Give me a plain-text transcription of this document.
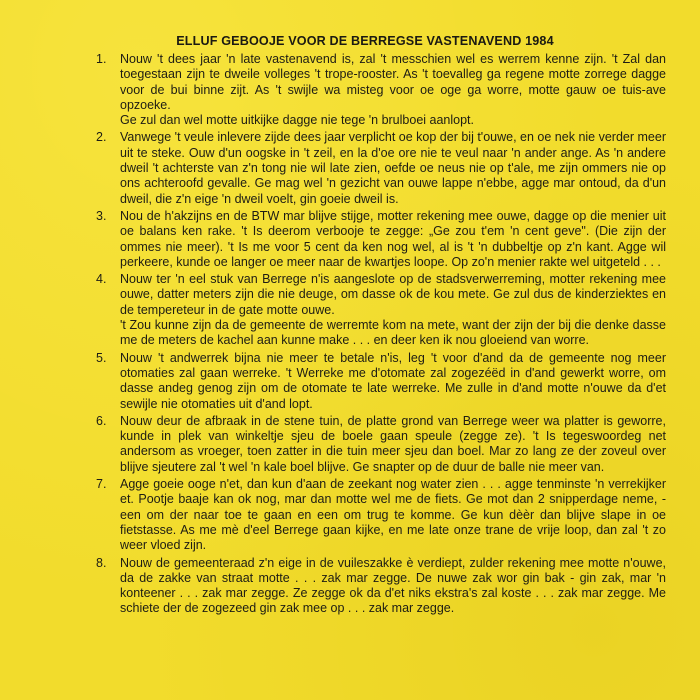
ELLUF GEBOOJE VOOR DE BERREGSE VASTENAVEND 1984
1.	Nouw 't dees jaar 'n late vastenavend is, zal 't messchien wel es werrem kenne zijn. 't Zal dan toegestaan zijn te dweile volleges 't trope-rooster. As 't toevalleg ga regene motte zorrege dagge voor de bui binne zijt. As 't swijle wa misteg voor oe oge ga worre, motte gauw oe tuis-ave opzoeke.

Ge zul dan wel motte uitkijke dagge nie tege 'n brulboei aanlopt.

2.	Vanwege 't veule inlevere zijde dees jaar verplicht oe kop der bij t'ouwe, en oe nek nie verder meer uit te steke. Ouw d'un oogske in 't zeil, en la d'oe ore nie te veul naar 'n ander ange. As 'n andere dweil 't achterste van z'n tong nie wil late zien, oefde oe neus nie op t'ale, me zijn ommers nie op ons achteroofd gevalle. Ge mag wel 'n gezicht van ouwe lappe n'ebbe, agge mar ontoud, da d'un dweil, die z'n eige 'n dweil voelt, gin goeie dweil is.

3.	Nou de h'akzijns en de BTW mar blijve stijge, motter rekening mee ouwe, dagge op die menier uit oe balans ken rake. 't Is deerom verbooje te zegge: „Ge zou t'em 'n cent geve". (Die zijn der ommes nie meer). 't Is me voor 5 cent da ken nog wel, al is 't 'n dubbeltje op z'n kant. Agge wil perkeere, kunde oe langer oe meer naar de kwartjes loope. Op zo'n menier rakte wel uitgeteld . . .

4.	Nouw ter 'n eel stuk van Berrege n'is aangeslote op de stadsverwerreming, motter rekening mee ouwe, datter meters zijn die nie deuge, om dasse ok de kou mete. Ge zul dus de kinderziektes en de tempereteur in de gate motte ouwe.

't Zou kunne zijn da de gemeente de werremte kom na mete, want der zijn der bij die denke dasse me de meters de kachel aan kunne make . . . en deer ken ik nou gloeiend van worre.

5.	Nouw 't andwerrek bijna nie meer te betale n'is, leg 't voor d'and da de gemeente nog meer otomaties zal gaan werreke. 't Werreke me d'otomate zal zogezéëd in d'and gewerkt worre, om dasse andeg genog zijn om de otomate te late werreke. Me zulle in d'and motte n'ouwe da d'et sewijle nie otomaties uit d'and lopt.

6.	Nouw deur de afbraak in de stene tuin, de platte grond van Berrege weer wa platter is geworre, kunde in plek van winkeltje sjeu de boele gaan speule (zegge ze). 't Is tegeswoordeg net andersom as vroeger, toen zatter in die tuin meer sjeu dan boel. Mar zo lang ze der zoveul over blijve sjeutere zal 't wel 'n kale boel blijve. Ge snapter op de duur de balle nie meer van.

7.	Agge goeie ooge n'et, dan kun d'aan de zeekant nog water zien . . . agge tenminste 'n verrekijker et. Pootje baaje kan ok nog, mar dan motte wel me de fiets. Ge mot dan 2 snipperdage neme, - een om der naar toe te gaan en een om trug te komme. Ge kun dèèr dan blijve slape in oe fietstasse. As me mè d'eel Berrege gaan kijke, en me late onze trane de vrije loop, dan zal 't zo weer vloed zijn.

8.	Nouw de gemeenteraad z'n eige in de vuileszakke è verdiept, zulder rekening mee motte n'ouwe, da de zakke van straat motte . . . zak mar zegge. De nuwe zak wor gin bak - gin zak, mar 'n konteener . . . zak mar zegge. Ze zegge ok da d'et niks ekstra's zal koste . . . zak mar zegge. Me schiete der de zogezeed gin zak mee op . . . zak mar zegge.
